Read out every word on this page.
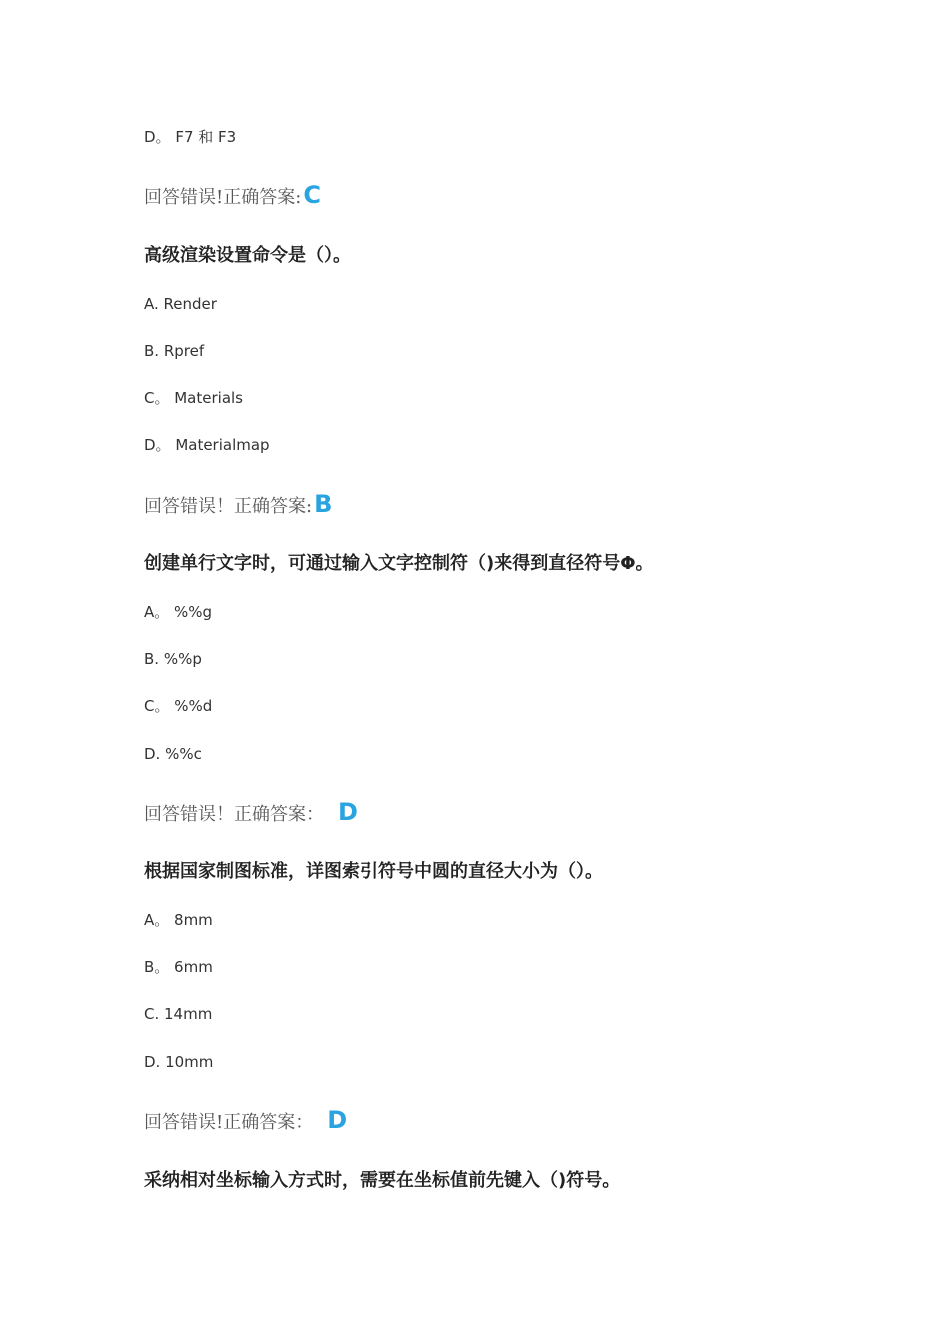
D。 F7 和 F3
回答错误!正确答案: C
高级渲染设置命令是（）。
A. Render
B. Rpref
C。 Materials
D。 Materialmap
回答错误！正确答案: B
创建单行文字时，可通过输入文字控制符（)来得到直径符号Φ。
A。 %%g
B. %%p
C。 %%d
D. %%c
回答错误！正确答案： D
根据国家制图标准，详图索引符号中圆的直径大小为（）。
A。 8mm
B。 6mm
C. 14mm
D. 10mm
回答错误!正确答案： D
采纳相对坐标输入方式时，需要在坐标值前先键入（)符号。
